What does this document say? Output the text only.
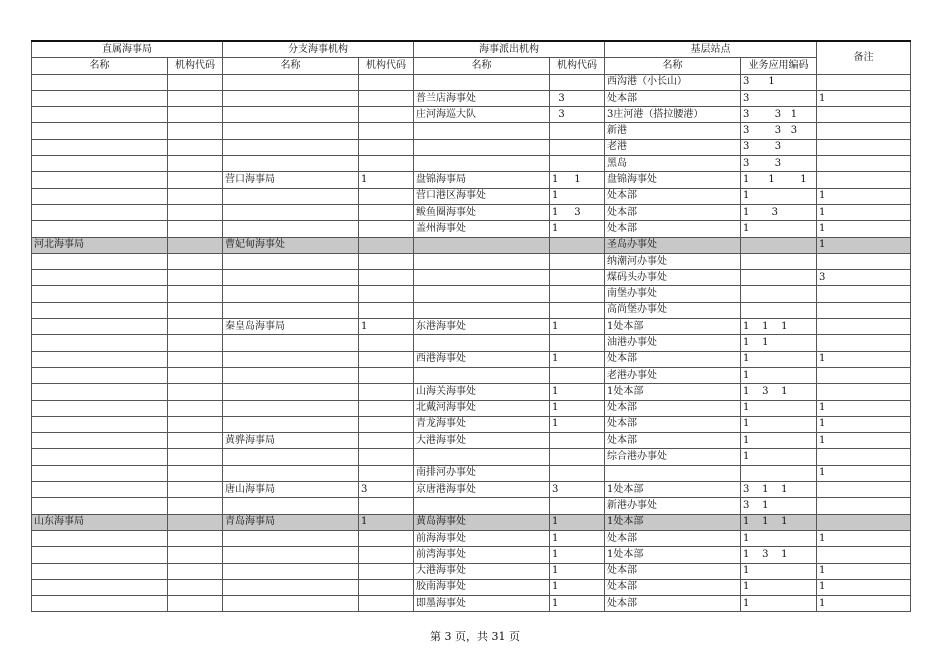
直属海事局		分支海事机构		海事派出机构		基层站点		备注
名称	机构代码	名称	机构代码	名称	机构代码	名称	业务应用编码	
						西沟港（小长山）	3      1	
				普兰店海事处	3	处本部	3	1
				庄河海巡大队	3	3庄河港（搭拉腰港）	3        3   1	
						新港	3        3   3	
						老港	3        3	
						黑岛	3        3	
		营口海事局	1	盘锦海事局	1     1	盘锦海事处	1      1        1	
				营口港区海事处	1	处本部	1	1
				鲅鱼圈海事处	1     3	处本部	1       3	1
				盖州海事处	1	处本部	1	1
河北海事局		曹妃甸海事处				圣岛办事处		1
						纳潮河办事处		
						煤码头办事处		3
						南堡办事处		
						高尚堡办事处		
		秦皇岛海事局	1	东港海事处	1	1处本部	1    1    1	
						油港办事处	1    1	
				西港海事处	1	处本部	1	1
						老港办事处	1	
				山海关海事处	1	1处本部	1    3    1	
				北戴河海事处	1	处本部	1	1
				青龙海事处	1	处本部	1	1
		黄骅海事局		大港海事处		处本部	1	1
						综合港办事处	1	
				南排河办事处				1
		唐山海事局	3	京唐港海事处	3	1处本部	3    1    1	
						新港办事处	3    1	
山东海事局		青岛海事局	1	黄岛海事处	1	1处本部	1    1    1	
				前海海事处	1	处本部	1	1
				前湾海事处	1	1处本部	1    3    1	
				大港海事处	1	处本部	1	1
				胶南海事处	1	处本部	1	1
				即墨海事处	1	处本部	1	1
第 3 页，共 31 页
